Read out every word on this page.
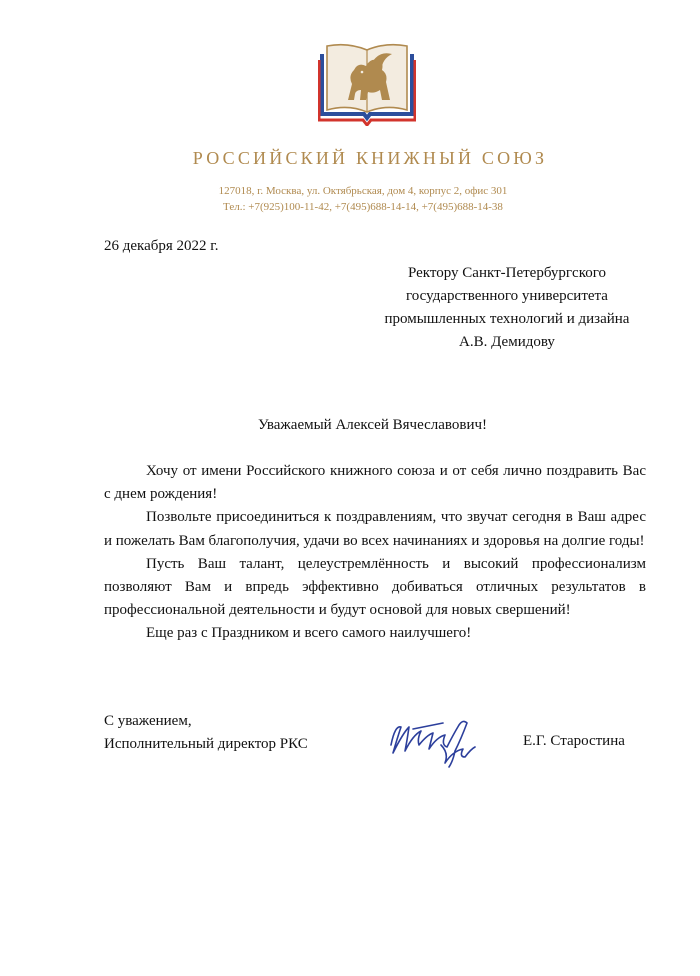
РОССИЙСКИЙ КНИЖНЫЙ СОЮЗ
127018, г. Москва, ул. Октябрьская, дом 4, корпус 2, офис 301
Тел.: +7(925)100-11-42, +7(495)688-14-14, +7(495)688-14-38
26 декабря 2022 г.
Ректору Санкт-Петербургского
государственного университета
промышленных технологий и дизайна
А.В. Демидову
Уважаемый Алексей Вячеславович!

Хочу от имени Российского книжного союза и от себя лично поздравить Вас с днем рождения!

Позвольте присоединиться к поздравлениям, что звучат сегодня в Ваш адрес и пожелать Вам благополучия, удачи во всех начинаниях и здоровья на долгие годы!

Пусть Ваш талант, целеустремлённость и высокий профессионализм позволяют Вам и впредь эффективно добиваться отличных результатов в профессиональной деятельности и будут основой для новых свершений!

Еще раз с Праздником и всего самого наилучшего!

С уважением,
Исполнительный директор РКС	Е.Г. Старостина
